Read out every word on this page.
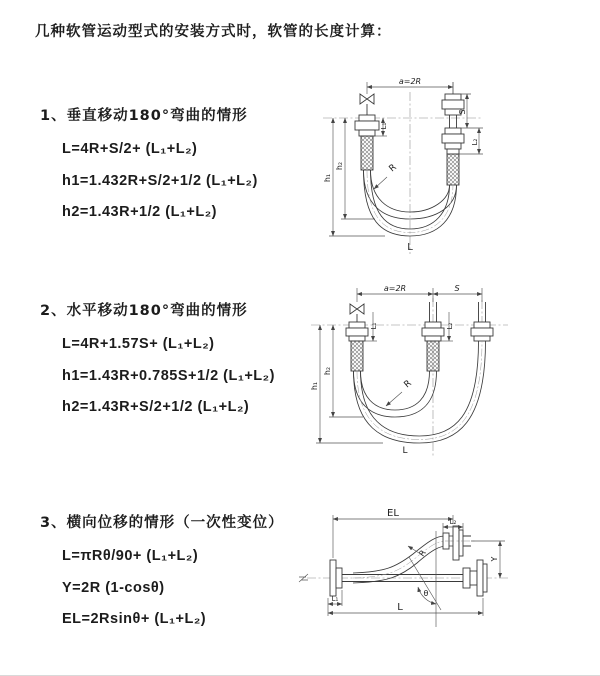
几种软管运动型式的安装方式时，软管的长度计算：
1、垂直移动180°弯曲的情形
L=4R+S/2+ (L₁+L₂)
h1=1.432R+S/2+1/2 (L₁+L₂)
h2=1.43R+1/2 (L₁+L₂)
2、水平移动180°弯曲的情形
L=4R+1.57S+ (L₁+L₂)
h1=1.43R+0.785S+1/2 (L₁+L₂)
h2=1.43R+S/2+1/2 (L₁+L₂)
3、横向位移的情形（一次性变位）
L=πRθ/90+ (L₁+L₂)
Y=2R (1-cosθ)
EL=2Rsinθ+ (L₁+L₂)
a=2R
S
L₂
h₂
h₁
L₁
R
L
a=2R	S
h₂
h₁
L₁	L₂
R
L
EL
L₂
Y
θ
R
L₁
L
